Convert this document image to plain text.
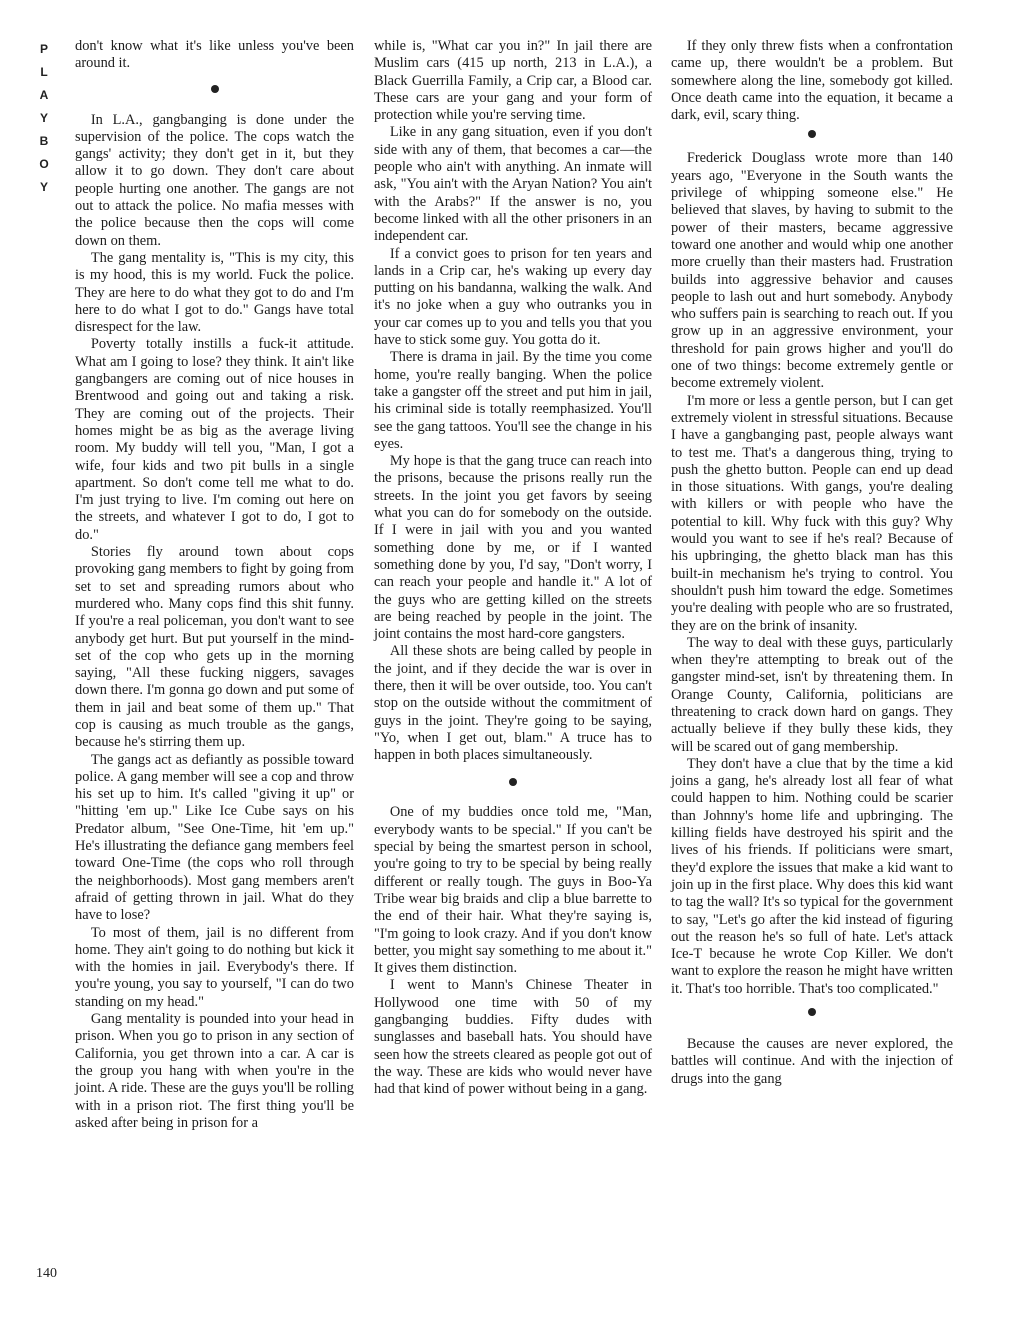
P
L
A
Y
B
O
Y

don't know what it's like unless you've been around it.

In L.A., gangbanging is done under the supervision of the police. The cops watch the gangs' activity; they don't get in it, but they allow it to go down. They don't care about people hurting one another. The gangs are not out to attack the police. No mafia messes with the police because then the cops will come down on them.

The gang mentality is, "This is my city, this is my hood, this is my world. Fuck the police. They are here to do what they got to do and I'm here to do what I got to do." Gangs have total disrespect for the law.

Poverty totally instills a fuck-it attitude. What am I going to lose? they think. It ain't like gangbangers are coming out of nice houses in Brentwood and going out and taking a risk. They are coming out of the projects. Their homes might be as big as the average living room. My buddy will tell you, "Man, I got a wife, four kids and two pit bulls in a single apartment. So don't come tell me what to do. I'm just trying to live. I'm coming out here on the streets, and whatever I got to do, I got to do."

Stories fly around town about cops provoking gang members to fight by going from set to set and spreading rumors about who murdered who. Many cops find this shit funny. If you're a real policeman, you don't want to see anybody get hurt. But put yourself in the mind-set of the cop who gets up in the morning saying, "All these fucking niggers, savages down there. I'm gonna go down and put some of them in jail and beat some of them up." That cop is causing as much trouble as the gangs, because he's stirring them up.

The gangs act as defiantly as possible toward police. A gang member will see a cop and throw his set up to him. It's called "giving it up" or "hitting 'em up." Like Ice Cube says on his Predator album, "See One-Time, hit 'em up." He's illustrating the defiance gang members feel toward One-Time (the cops who roll through the neighborhoods). Most gang members aren't afraid of getting thrown in jail. What do they have to lose?

To most of them, jail is no different from home. They ain't going to do nothing but kick it with the homies in jail. Everybody's there. If you're young, you say to yourself, "I can do two standing on my head."

Gang mentality is pounded into your head in prison. When you go to prison in any section of California, you get thrown into a car. A car is the group you hang with when you're in the joint. A ride. These are the guys you'll be rolling with in a prison riot. The first thing you'll be asked after being in prison for a

while is, "What car you in?" In jail there are Muslim cars (415 up north, 213 in L.A.), a Black Guerrilla Family, a Crip car, a Blood car. These cars are your gang and your form of protection while you're serving time.

Like in any gang situation, even if you don't side with any of them, that becomes a car—the people who ain't with anything. An inmate will ask, "You ain't with the Aryan Nation? You ain't with the Arabs?" If the answer is no, you become linked with all the other prisoners in an independent car.

If a convict goes to prison for ten years and lands in a Crip car, he's waking up every day putting on his bandanna, walking the walk. And it's no joke when a guy who outranks you in your car comes up to you and tells you that you have to stick some guy. You gotta do it.

There is drama in jail. By the time you come home, you're really banging. When the police take a gangster off the street and put him in jail, his criminal side is totally reemphasized. You'll see the gang tattoos. You'll see the change in his eyes.

My hope is that the gang truce can reach into the prisons, because the prisons really run the streets. In the joint you get favors by seeing what you can do for somebody on the outside. If I were in jail with you and you wanted something done by me, or if I wanted something done by you, I'd say, "Don't worry, I can reach your people and handle it." A lot of the guys who are getting killed on the streets are being reached by people in the joint. The joint contains the most hard-core gangsters.

All these shots are being called by people in the joint, and if they decide the war is over in there, then it will be over outside, too. You can't stop on the outside without the commitment of guys in the joint. They're going to be saying, "Yo, when I get out, blam." A truce has to happen in both places simultaneously.

One of my buddies once told me, "Man, everybody wants to be special." If you can't be special by being the smartest person in school, you're going to try to be special by being really different or really tough. The guys in Boo-Ya Tribe wear big braids and clip a blue barrette to the end of their hair. What they're saying is, "I'm going to look crazy. And if you don't know better, you might say something to me about it." It gives them distinction.

I went to Mann's Chinese Theater in Hollywood one time with 50 of my gangbanging buddies. Fifty dudes with sunglasses and baseball hats. You should have seen how the streets cleared as people got out of the way. These are kids who would never have had that kind of power without being in a gang.

If they only threw fists when a confrontation came up, there wouldn't be a problem. But somewhere along the line, somebody got killed. Once death came into the equation, it became a dark, evil, scary thing.

Frederick Douglass wrote more than 140 years ago, "Everyone in the South wants the privilege of whipping someone else." He believed that slaves, by having to submit to the power of their masters, became aggressive toward one another and would whip one another more cruelly than their masters had. Frustration builds into aggressive behavior and causes people to lash out and hurt somebody. Anybody who suffers pain is searching to reach out. If you grow up in an aggressive environment, your threshold for pain grows higher and you'll do one of two things: become extremely gentle or become extremely violent.

I'm more or less a gentle person, but I can get extremely violent in stressful situations. Because I have a gangbanging past, people always want to test me. That's a dangerous thing, trying to push the ghetto button. People can end up dead in those situations. With gangs, you're dealing with killers or with people who have the potential to kill. Why fuck with this guy? Why would you want to see if he's real? Because of his upbringing, the ghetto black man has this built-in mechanism he's trying to control. You shouldn't push him toward the edge. Sometimes you're dealing with people who are so frustrated, they are on the brink of insanity.

The way to deal with these guys, particularly when they're attempting to break out of the gangster mind-set, isn't by threatening them. In Orange County, California, politicians are threatening to crack down hard on gangs. They actually believe if they bully these kids, they will be scared out of gang membership.

They don't have a clue that by the time a kid joins a gang, he's already lost all fear of what could happen to him. Nothing could be scarier than Johnny's home life and upbringing. The killing fields have destroyed his spirit and the lives of his friends. If politicians were smart, they'd explore the issues that make a kid want to join up in the first place. Why does this kid want to tag the wall? It's so typical for the government to say, "Let's go after the kid instead of figuring out the reason he's so full of hate. Let's attack Ice-T because he wrote Cop Killer. We don't want to explore the reason he might have written it. That's too horrible. That's too complicated."

Because the causes are never explored, the battles will continue. And with the injection of drugs into the gang

140
